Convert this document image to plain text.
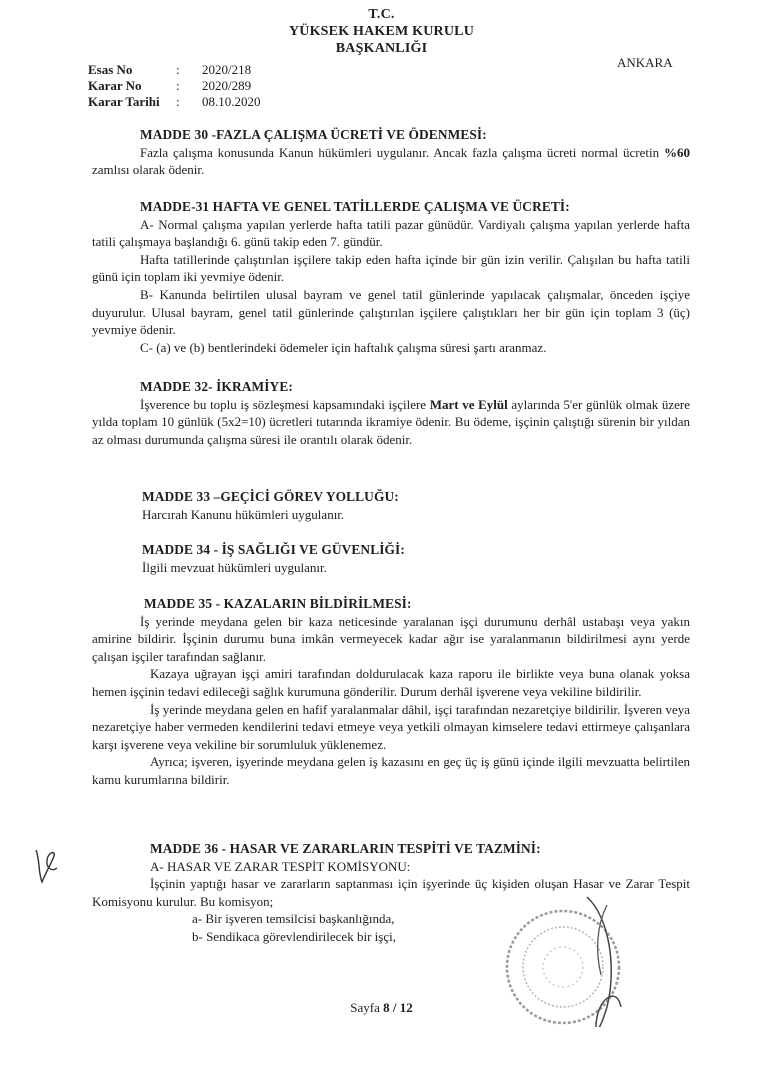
T.C.
YÜKSEK HAKEM KURULU
BAŞKANLIĞI
Esas No	:	2020/218
Karar No	:	2020/289
Karar Tarihi	:	08.10.2020
ANKARA
MADDE 30 -FAZLA ÇALIŞMA ÜCRETİ VE ÖDENMESİ:

Fazla çalışma konusunda Kanun hükümleri uygulanır. Ancak fazla çalışma ücreti normal ücretin %60 zamlısı olarak ödenir.

MADDE-31 HAFTA VE GENEL TATİLLERDE ÇALIŞMA VE ÜCRETİ:

A- Normal çalışma yapılan yerlerde hafta tatili pazar günüdür. Vardiyalı çalışma yapılan yerlerde hafta tatili çalışmaya başlandığı 6. günü takip eden 7. gündür.

Hafta tatillerinde çalıştırılan işçilere takip eden hafta içinde bir gün izin verilir. Çalışılan bu hafta tatili günü için toplam iki yevmiye ödenir.

B- Kanunda belirtilen ulusal bayram ve genel tatil günlerinde yapılacak çalışmalar, önceden işçiye duyurulur. Ulusal bayram, genel tatil günlerinde çalıştırılan işçilere çalıştıkları her bir gün için toplam 3 (üç) yevmiye ödenir.

C- (a) ve (b) bentlerindeki ödemeler için haftalık çalışma süresi şartı aranmaz.

MADDE 32- İKRAMİYE:

İşverence bu toplu iş sözleşmesi kapsamındaki işçilere Mart ve Eylül aylarında 5'er günlük olmak üzere yılda toplam 10 günlük (5x2=10) ücretleri tutarında ikramiye ödenir. Bu ödeme, işçinin çalıştığı sürenin bir yıldan az olması durumunda çalışma süresi ile orantılı olarak ödenir.

MADDE 33 –GEÇİCİ GÖREV YOLLUĞU:

Harcırah Kanunu hükümleri uygulanır.

MADDE 34 - İŞ SAĞLIĞI VE GÜVENLİĞİ:

İlgili mevzuat hükümleri uygulanır.

MADDE 35 - KAZALARIN BİLDİRİLMESİ:

İş yerinde meydana gelen bir kaza neticesinde yaralanan işçi durumunu derhâl ustabaşı veya yakın amirine bildirir. İşçinin durumu buna imkân vermeyecek kadar ağır ise yaralanmanın bildirilmesi aynı yerde çalışan işçiler tarafından sağlanır.

Kazaya uğrayan işçi amiri tarafından doldurulacak kaza raporu ile birlikte veya buna olanak yoksa hemen işçinin tedavi edileceği sağlık kurumuna gönderilir. Durum derhâl işverene veya vekiline bildirilir.

İş yerinde meydana gelen en hafif yaralanmalar dâhil, işçi tarafından nezaretçiye bildirilir. İşveren veya nezaretçiye haber vermeden kendilerini tedavi etmeye veya yetkili olmayan kimselere tedavi ettirmeye çalışanlara karşı işverene veya vekiline bir sorumluluk yüklenemez.

Ayrıca; işveren, işyerinde meydana gelen iş kazasını en geç üç iş günü içinde ilgili mevzuatta belirtilen kamu kurumlarına bildirir.

MADDE 36 - HASAR VE ZARARLARIN TESPİTİ VE TAZMİNİ:

A- HASAR VE ZARAR TESPİT KOMİSYONU:

İşçinin yaptığı hasar ve zararların saptanması için işyerinde üç kişiden oluşan Hasar ve Zarar Tespit Komisyonu kurulur. Bu komisyon;

a- Bir işveren temsilcisi başkanlığında,

b- Sendikaca görevlendirilecek bir işçi,

Sayfa 8 / 12
